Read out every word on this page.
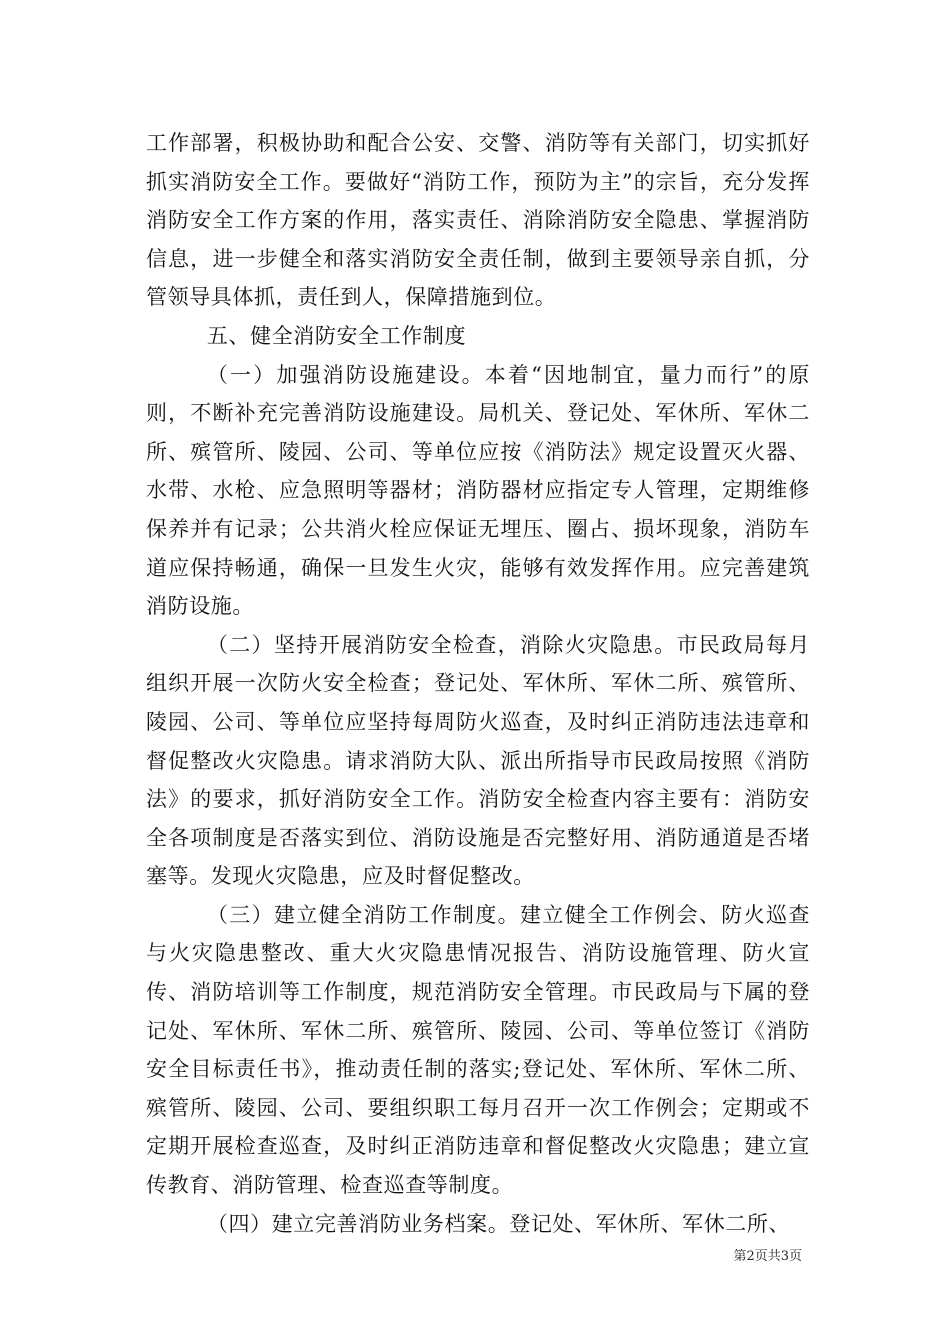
工作部署，积极协助和配合公安、交警、消防等有关部门，切实抓好抓实消防安全工作。要做好“消防工作，预防为主”的宗旨，充分发挥消防安全工作方案的作用，落实责任、消除消防安全隐患、掌握消防信息，进一步健全和落实消防安全责任制，做到主要领导亲自抓，分管领导具体抓，责任到人，保障措施到位。

五、健全消防安全工作制度

（一）加强消防设施建设。本着“因地制宜，量力而行”的原则，不断补充完善消防设施建设。局机关、登记处、军休所、军休二所、殡管所、陵园、公司、等单位应按《消防法》规定设置灭火器、水带、水枪、应急照明等器材；消防器材应指定专人管理，定期维修保养并有记录；公共消火栓应保证无埋压、圈占、损坏现象，消防车道应保持畅通，确保一旦发生火灾，能够有效发挥作用。应完善建筑消防设施。

（二）坚持开展消防安全检查，消除火灾隐患。市民政局每月组织开展一次防火安全检查；登记处、军休所、军休二所、殡管所、陵园、公司、等单位应坚持每周防火巡查，及时纠正消防违法违章和督促整改火灾隐患。请求消防大队、派出所指导市民政局按照《消防法》的要求，抓好消防安全工作。消防安全检查内容主要有：消防安全各项制度是否落实到位、消防设施是否完整好用、消防通道是否堵塞等。发现火灾隐患，应及时督促整改。

（三）建立健全消防工作制度。建立健全工作例会、防火巡查与火灾隐患整改、重大火灾隐患情况报告、消防设施管理、防火宣传、消防培训等工作制度，规范消防安全管理。市民政局与下属的登记处、军休所、军休二所、殡管所、陵园、公司、等单位签订《消防安全目标责任书》，推动责任制的落实;登记处、军休所、军休二所、殡管所、陵园、公司、要组织职工每月召开一次工作例会；定期或不定期开展检查巡查，及时纠正消防违章和督促整改火灾隐患；建立宣传教育、消防管理、检查巡查等制度。

（四）建立完善消防业务档案。登记处、军休所、军休二所、

第2页共3页
